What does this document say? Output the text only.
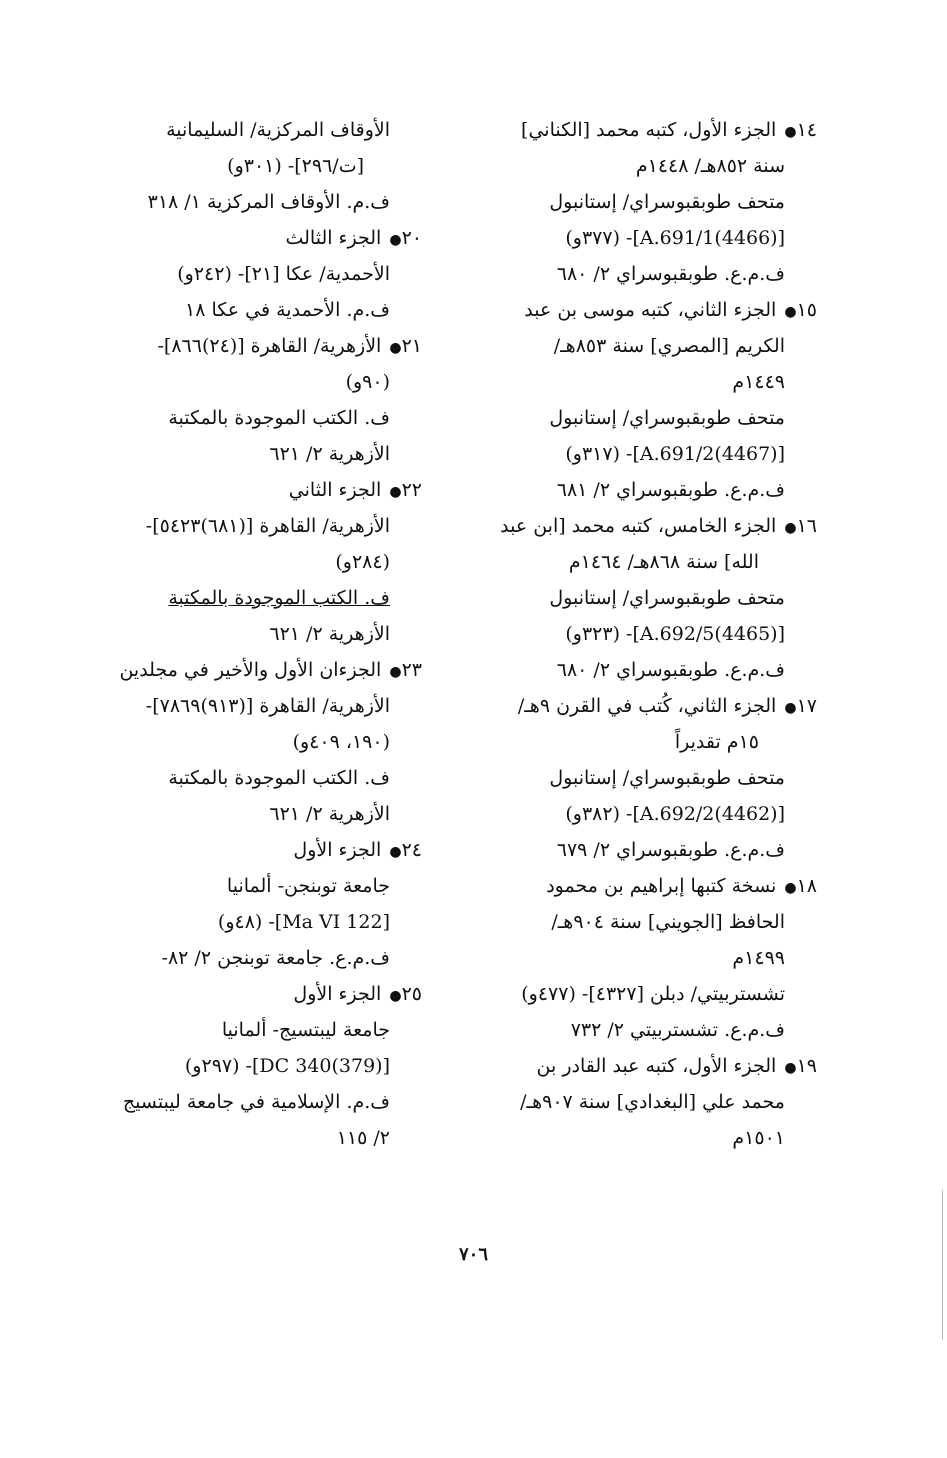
١٤● الجزء الأول، كتبه محمد [الكناني]
سنة ٨٥٢هـ/ ١٤٤٨م
متحف طوبقبوسراي/ إستانبول
[(4466)A.691/1]- (٣٧٧و)
ف.م.ع. طوبقبوسراي ٢/ ٦٨٠
١٥● الجزء الثاني، كتبه موسى بن عبد
الكريم [المصري] سنة ٨٥٣هـ/
١٤٤٩م
متحف طوبقبوسراي/ إستانبول
[(4467)A.691/2]- (٣١٧و)
ف.م.ع. طوبقبوسراي ٢/ ٦٨١
١٦● الجزء الخامس، كتبه محمد [ابن عبد
الله] سنة ٨٦٨هـ/ ١٤٦٤م
متحف طوبقبوسراي/ إستانبول
[(4465)A.692/5]- (٣٢٣و)
ف.م.ع. طوبقبوسراي ٢/ ٦٨٠
١٧● الجزء الثاني، كُتب في القرن ٩هـ/
١٥م تقديراً
متحف طوبقبوسراي/ إستانبول
[(4462)A.692/2]- (٣٨٢و)
ف.م.ع. طوبقبوسراي ٢/ ٦٧٩
١٨● نسخة كتبها إبراهيم بن محمود
الحافظ [الجويني] سنة ٩٠٤هـ/
١٤٩٩م
تشستربيتي/ دبلن [٤٣٢٧]- (٤٧٧و)
ف.م.ع. تشستربيتي ٢/ ٧٣٢
١٩● الجزء الأول، كتبه عبد القادر بن
محمد علي [البغدادي] سنة ٩٠٧هـ/
١٥٠١م
الأوقاف المركزية/ السليمانية
[ت/٢٩٦]- (٣٠١و)
ف.م. الأوقاف المركزية ١/ ٣١٨
٢٠● الجزء الثالث
الأحمدية/ عكا [٢١]- (٢٤٢و)
ف.م. الأحمدية في عكا ١٨
٢١● الأزهرية/ القاهرة [(٢٤)٨٦٦]-
(٩٠و)
ف. الكتب الموجودة بالمكتبة
الأزهرية ٢/ ٦٢١
٢٢● الجزء الثاني
الأزهرية/ القاهرة [(٦٨١)٥٤٢٣]-
(٢٨٤و)
ف. الكتب الموجودة بالمكتبة
الأزهرية ٢/ ٦٢١
٢٣● الجزءان الأول والأخير في مجلدين
الأزهرية/ القاهرة [(٩١٣)٧٨٦٩]-
(١٩٠، ٤٠٩و)
ف. الكتب الموجودة بالمكتبة
الأزهرية ٢/ ٦٢١
٢٤● الجزء الأول
جامعة توبنجن- ألمانيا
[Ma VI 122]- (٤٨و)
ف.م.ع. جامعة توبنجن ٢/ ٨٢-
٢٥● الجزء الأول
جامعة ليبتسيج- ألمانيا
[(379)DC 340]- (٢٩٧و)
ف.م. الإسلامية في جامعة ليبتسيج
٢/ ١١٥
٧٠٦
